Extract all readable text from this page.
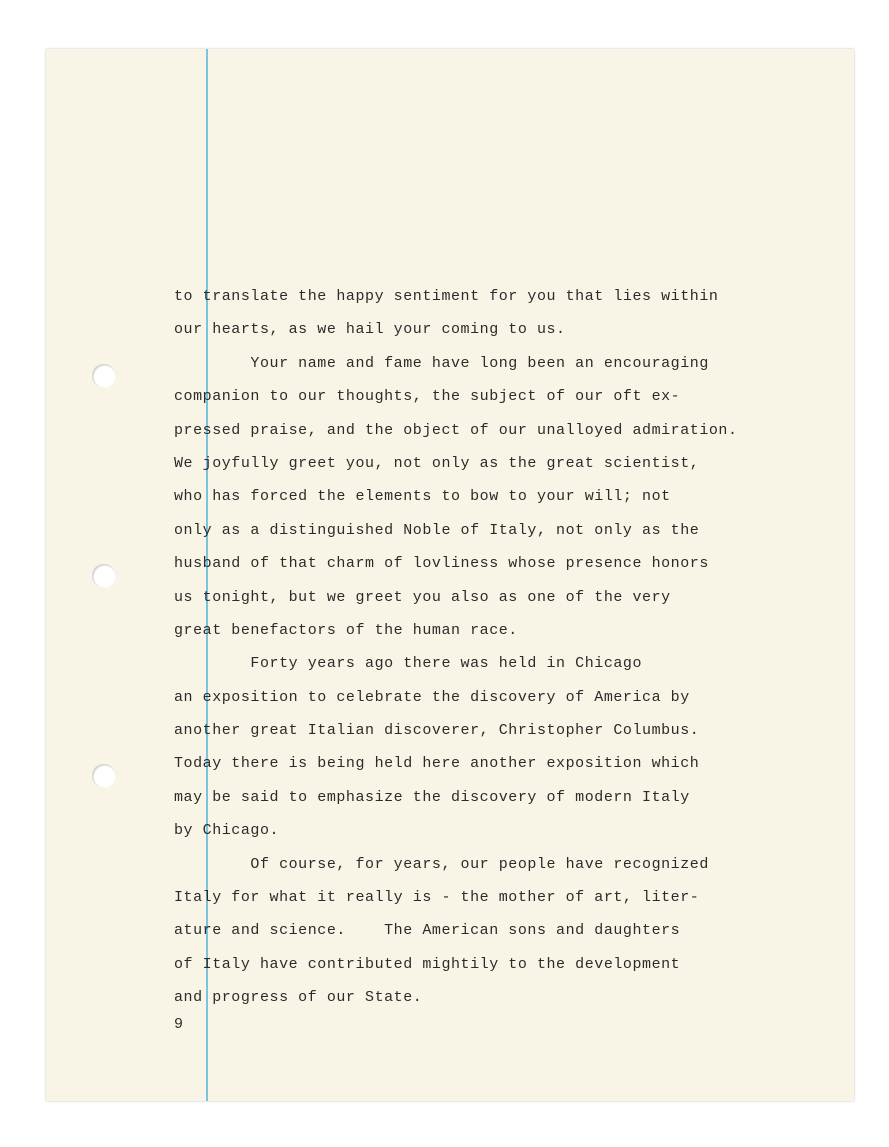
to translate the happy sentiment for you that lies within
our hearts, as we hail your coming to us.
Your name and fame have long been an encouraging
companion to our thoughts, the subject of our oft ex-
pressed praise, and the object of our unalloyed admiration.
We joyfully greet you, not only as the great scientist,
who has forced the elements to bow to your will; not
only as a distinguished Noble of Italy, not only as the
husband of that charm of lovliness whose presence honors
us tonight, but we greet you also as one of the very
great benefactors of the human race.
Forty years ago there was held in Chicago
an exposition to celebrate the discovery of America by
another great Italian discoverer, Christopher Columbus.
Today there is being held here another exposition which
may be said to emphasize the discovery of modern Italy
by Chicago.
Of course, for years, our people have recognized
Italy for what it really is - the mother of art, liter-
ature and science.    The American sons and daughters
of Italy have contributed mightily to the development
and progress of our State.
9
